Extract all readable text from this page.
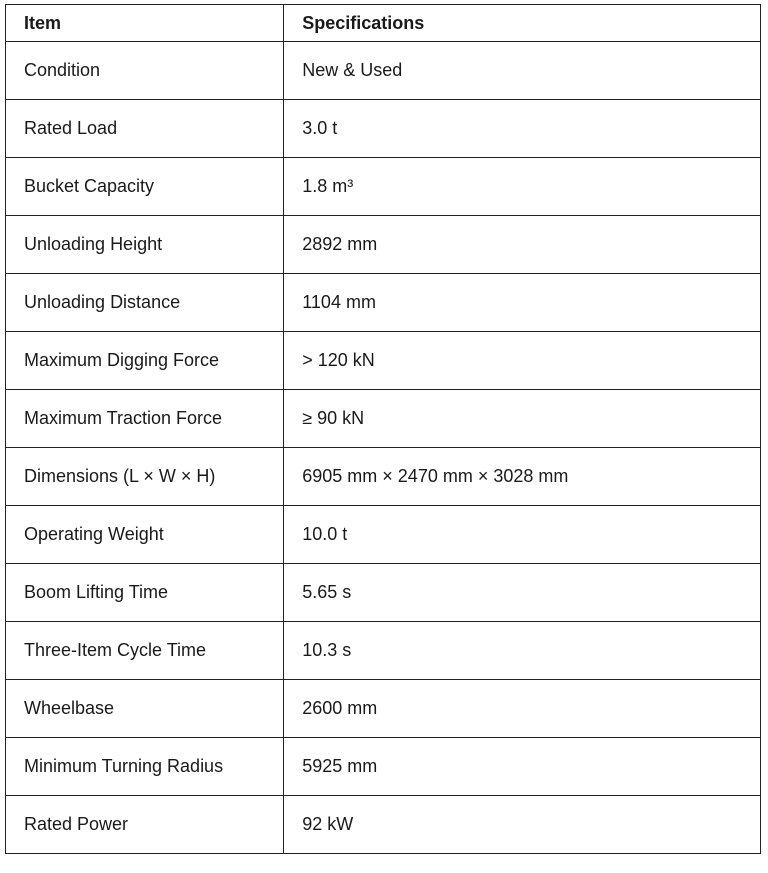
Item	Specifications
Condition	New & Used
Rated Load	3.0 t
Bucket Capacity	1.8 m³
Unloading Height	2892 mm
Unloading Distance	1104 mm
Maximum Digging Force	> 120 kN
Maximum Traction Force	≥ 90 kN
Dimensions (L × W × H)	6905 mm × 2470 mm × 3028 mm
Operating Weight	10.0 t
Boom Lifting Time	5.65 s
Three-Item Cycle Time	10.3 s
Wheelbase	2600 mm
Minimum Turning Radius	5925 mm
Rated Power	92 kW
